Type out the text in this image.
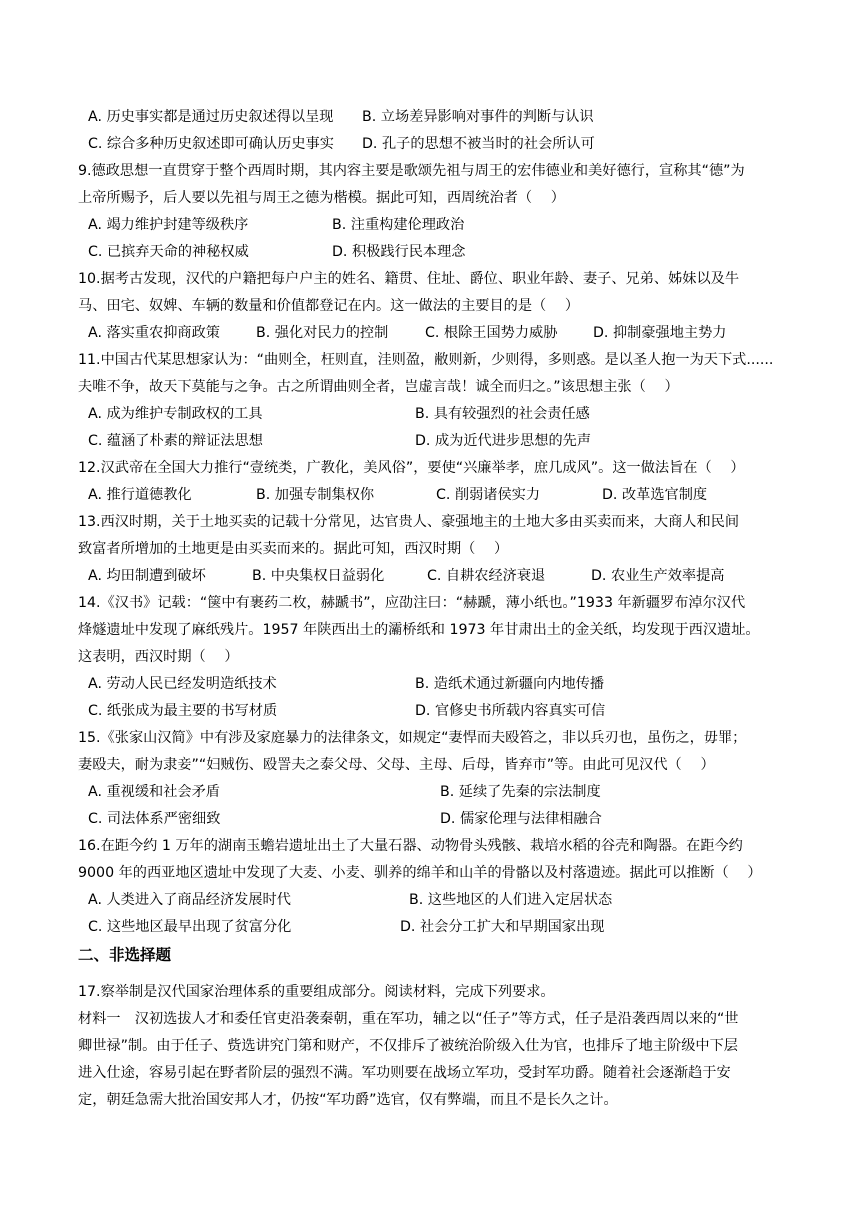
A. 历史事实都是通过历史叙述得以呈现 B. 立场差异影响对事件的判断与认识
C. 综合多种历史叙述即可确认历史事实 D. 孔子的思想不被当时的社会所认可
9.德政思想一直贯穿于整个西周时期，其内容主要是歌颂先祖与周王的宏伟德业和美好德行，宣称其“德”为
上帝所赐予，后人要以先祖与周王之德为楷模。据此可知，西周统治者（　 ）
A. 竭力维护封建等级秩序	B. 注重构建伦理政治
C. 已摈弃天命的神秘权威	D. 积极践行民本理念
10.据考古发现，汉代的户籍把每户户主的姓名、籍贯、住址、爵位、职业年龄、妻子、兄弟、姊妹以及牛
马、田宅、奴婢、车辆的数量和价值都登记在内。这一做法的主要目的是（　 ）
A. 落实重农抑商政策	B. 强化对民力的控制	C. 根除王国势力威胁	D. 抑制豪强地主势力
11.中国古代某思想家认为：“曲则全，枉则直，洼则盈，敝则新，少则得，多则惑。是以圣人抱一为天下式......
夫唯不争，故天下莫能与之争。古之所谓曲则全者，岂虚言哉！诚全而归之。”该思想主张（　 ）
A. 成为维护专制政权的工具	B. 具有较强烈的社会责任感
C. 蕴涵了朴素的辩证法思想	D. 成为近代进步思想的先声
12.汉武帝在全国大力推行“壹统类，广教化，美风俗”，要使“兴廉举孝，庶几成风”。这一做法旨在（　 ）
A. 推行道德教化	B. 加强专制集权你	C. 削弱诸侯实力	D. 改革选官制度
13.西汉时期，关于土地买卖的记载十分常见，达官贵人、豪强地主的土地大多由买卖而来，大商人和民间
致富者所增加的土地更是由买卖而来的。据此可知，西汉时期（　 ）
A. 均田制遭到破坏	B. 中央集权日益弱化	C. 自耕农经济衰退	D. 农业生产效率提高
14.《汉书》记载：“箧中有裹药二枚，赫蹏书”，应劭注曰：“赫蹏，薄小纸也。”1933 年新疆罗布淖尔汉代
烽燧遗址中发现了麻纸残片。1957 年陕西出土的灞桥纸和 1973 年甘肃出土的金关纸，均发现于西汉遗址。
这表明，西汉时期（　 ）
A. 劳动人民已经发明造纸技术	B. 造纸术通过新疆向内地传播
C. 纸张成为最主要的书写材质	D. 官修史书所载内容真实可信
15.《张家山汉简》中有涉及家庭暴力的法律条文，如规定“妻悍而夫殴笞之，非以兵刃也，虽伤之，毋罪；
妻殴夫，耐为隶妾”“妇贼伤、殴詈夫之泰父母、父母、主母、后母，皆弃市”等。由此可见汉代（　 ）
A. 重视缓和社会矛盾	B. 延续了先秦的宗法制度
C. 司法体系严密细致	D. 儒家伦理与法律相融合
16.在距今约 1 万年的湖南玉蟾岩遗址出土了大量石器、动物骨头残骸、栽培水稻的谷壳和陶器。在距今约
9000 年的西亚地区遗址中发现了大麦、小麦、驯养的绵羊和山羊的骨骼以及村落遗迹。据此可以推断（　 ）
A. 人类进入了商品经济发展时代	B. 这些地区的人们进入定居状态
C. 这些地区最早出现了贫富分化	D. 社会分工扩大和早期国家出现
二、非选择题
17.察举制是汉代国家治理体系的重要组成部分。阅读材料，完成下列要求。
材料一　汉初选拔人才和委任官吏沿袭秦朝，重在军功，辅之以“任子”等方式，任子是沿袭西周以来的“世
卿世禄”制。由于任子、赀选讲究门第和财产，不仅排斥了被统治阶级入仕为官，也排斥了地主阶级中下层
进入仕途，容易引起在野者阶层的强烈不满。军功则要在战场立军功，受封军功爵。随着社会逐渐趋于安
定，朝廷急需大批治国安邦人才，仍按“军功爵”选官，仅有弊端，而且不是长久之计。
